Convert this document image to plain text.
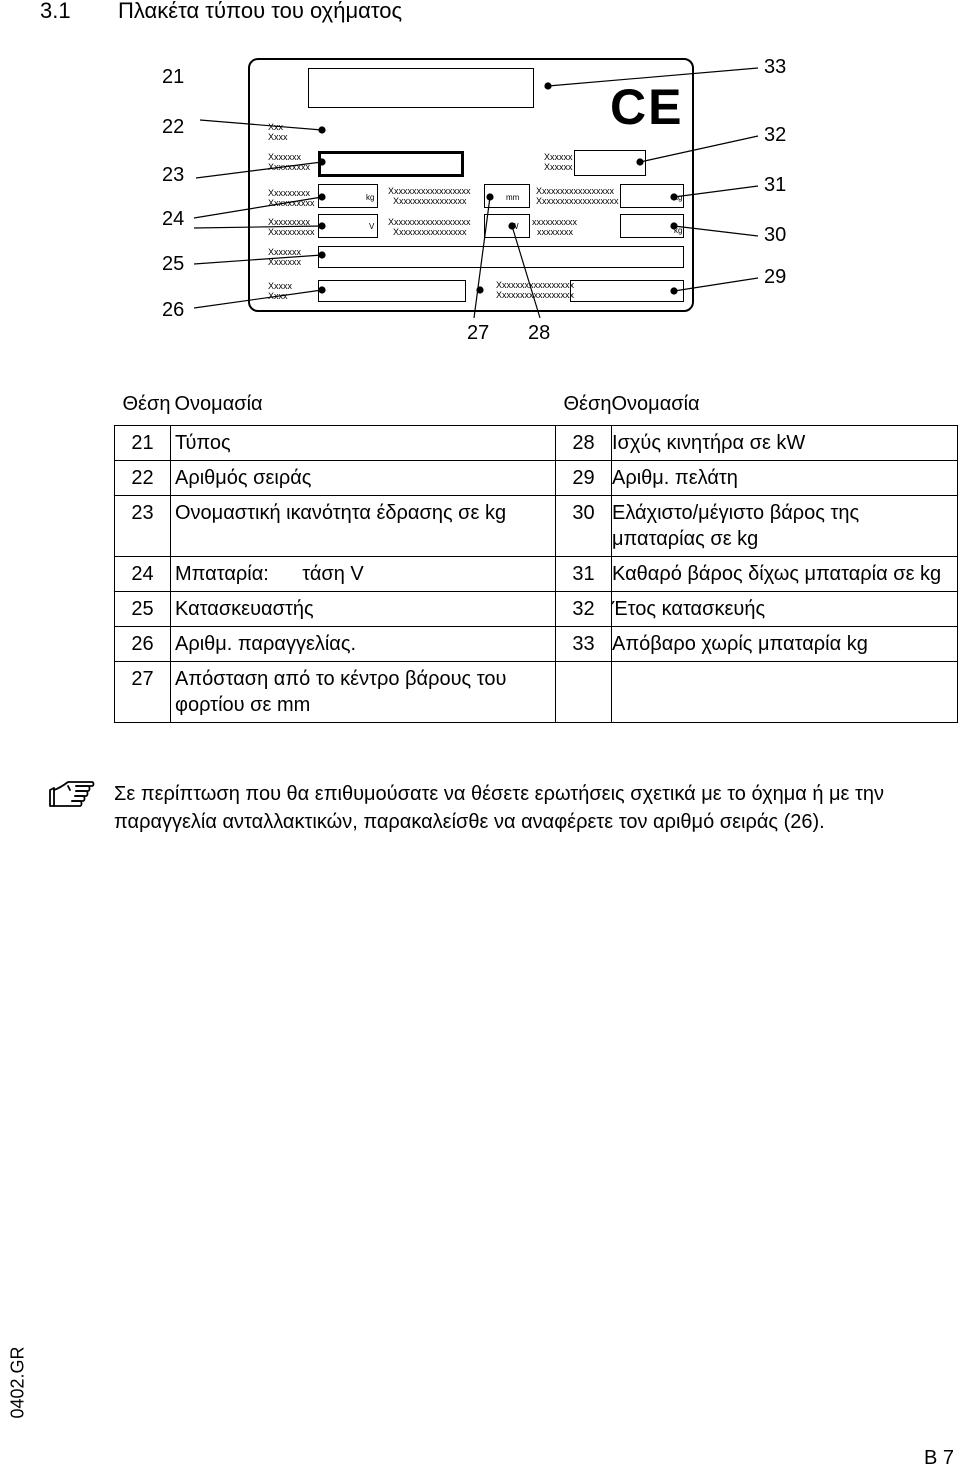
3.1 Πλακέτα τύπου του οχήματος
Xxx
Xxxx
Xxxxxxx
Xxxxxxxxx
Xxxxxxxxx
Xxxxxxxxxx
kg
Xxxxxxxxx
Xxxxxxxxxx
V
Xxxxxxxxxxxxxxxxxx
Xxxxxxxxxxxxxxxx	mm
Xxxxxxxxxxxxxxxxxx
Xxxxxxxxxxxxxxxx
W
Xxxxxxx
Xxxxxxx
Xxxxx
Xxxx
Xxxxxxxxxxxxxxxxx
Xxxxxxxxxxxxxxxxx
CE
Xxxxxx
Xxxxxx
Xxxxxxxxxxxxxxxxx
Xxxxxxxxxxxxxxxxxx	kg
xxxxxxxxxx
xxxxxxxx	kg
21
22
23
24
25
26
33
32
31
30
29
27 28
Θέση	Ονομασία	Θέση	Ονομασία
21	Τύπος	28	Ισχύς κινητήρα σε kW
22	Αριθμός σειράς	29	Αριθμ. πελάτη
23	Ονομαστική ικανότητα έδρασης σε kg	30	Ελάχιστο/μέγιστο βάρος της μπαταρίας σε kg
24	Μπαταρία:      τάση V	31	Καθαρό βάρος δίχως μπαταρία σε kg
25	Κατασκευαστής	32	Έτος κατασκευής
26	Αριθμ. παραγγελίας.	33	Απόβαρο χωρίς μπαταρία kg
27	Απόσταση από το κέντρο βάρους του φορτίου σε mm		
Σε περίπτωση που θα επιθυμούσατε να θέσετε ερωτήσεις σχετικά με το όχημα ή με την παραγγελία ανταλλακτικών, παρακαλείσθε να αναφέρετε τον αριθμό σειράς (26).
0402.GR
B 7
